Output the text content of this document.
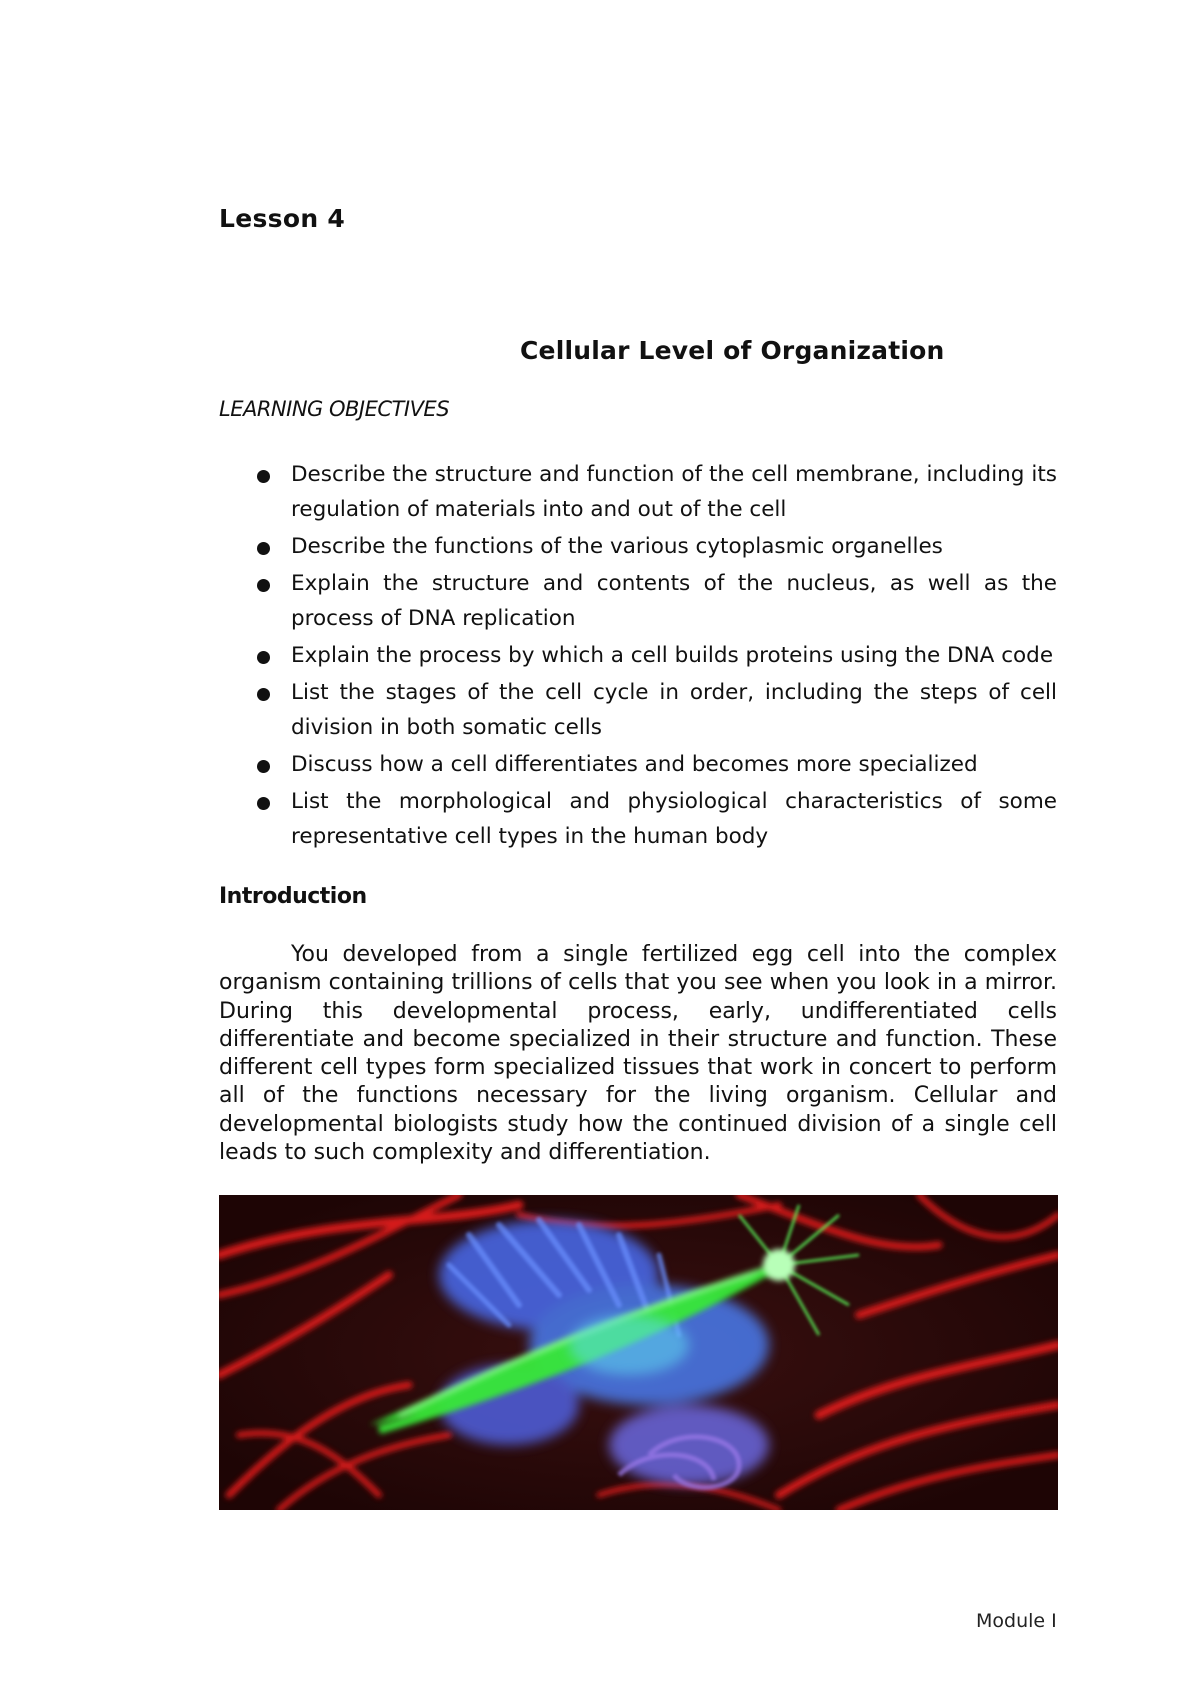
Lesson 4
Cellular Level of Organization
LEARNING OBJECTIVES
Describe the structure and function of the cell membrane, including its regulation of materials into and out of the cell
Describe the functions of the various cytoplasmic organelles
Explain the structure and contents of the nucleus, as well as the process of DNA replication
Explain the process by which a cell builds proteins using the DNA code
List the stages of the cell cycle in order, including the steps of cell division in both somatic cells
Discuss how a cell differentiates and becomes more specialized
List the morphological and physiological characteristics of some representative cell types in the human body
Introduction

You developed from a single fertilized egg cell into the complex organism containing trillions of cells that you see when you look in a mirror. During this developmental process, early, undifferentiated cells differentiate and become specialized in their structure and function. These different cell types form specialized tissues that work in concert to perform all of the functions necessary for the living organism. Cellular and developmental biologists study how the continued division of a single cell leads to such complexity and differentiation.

Module I
